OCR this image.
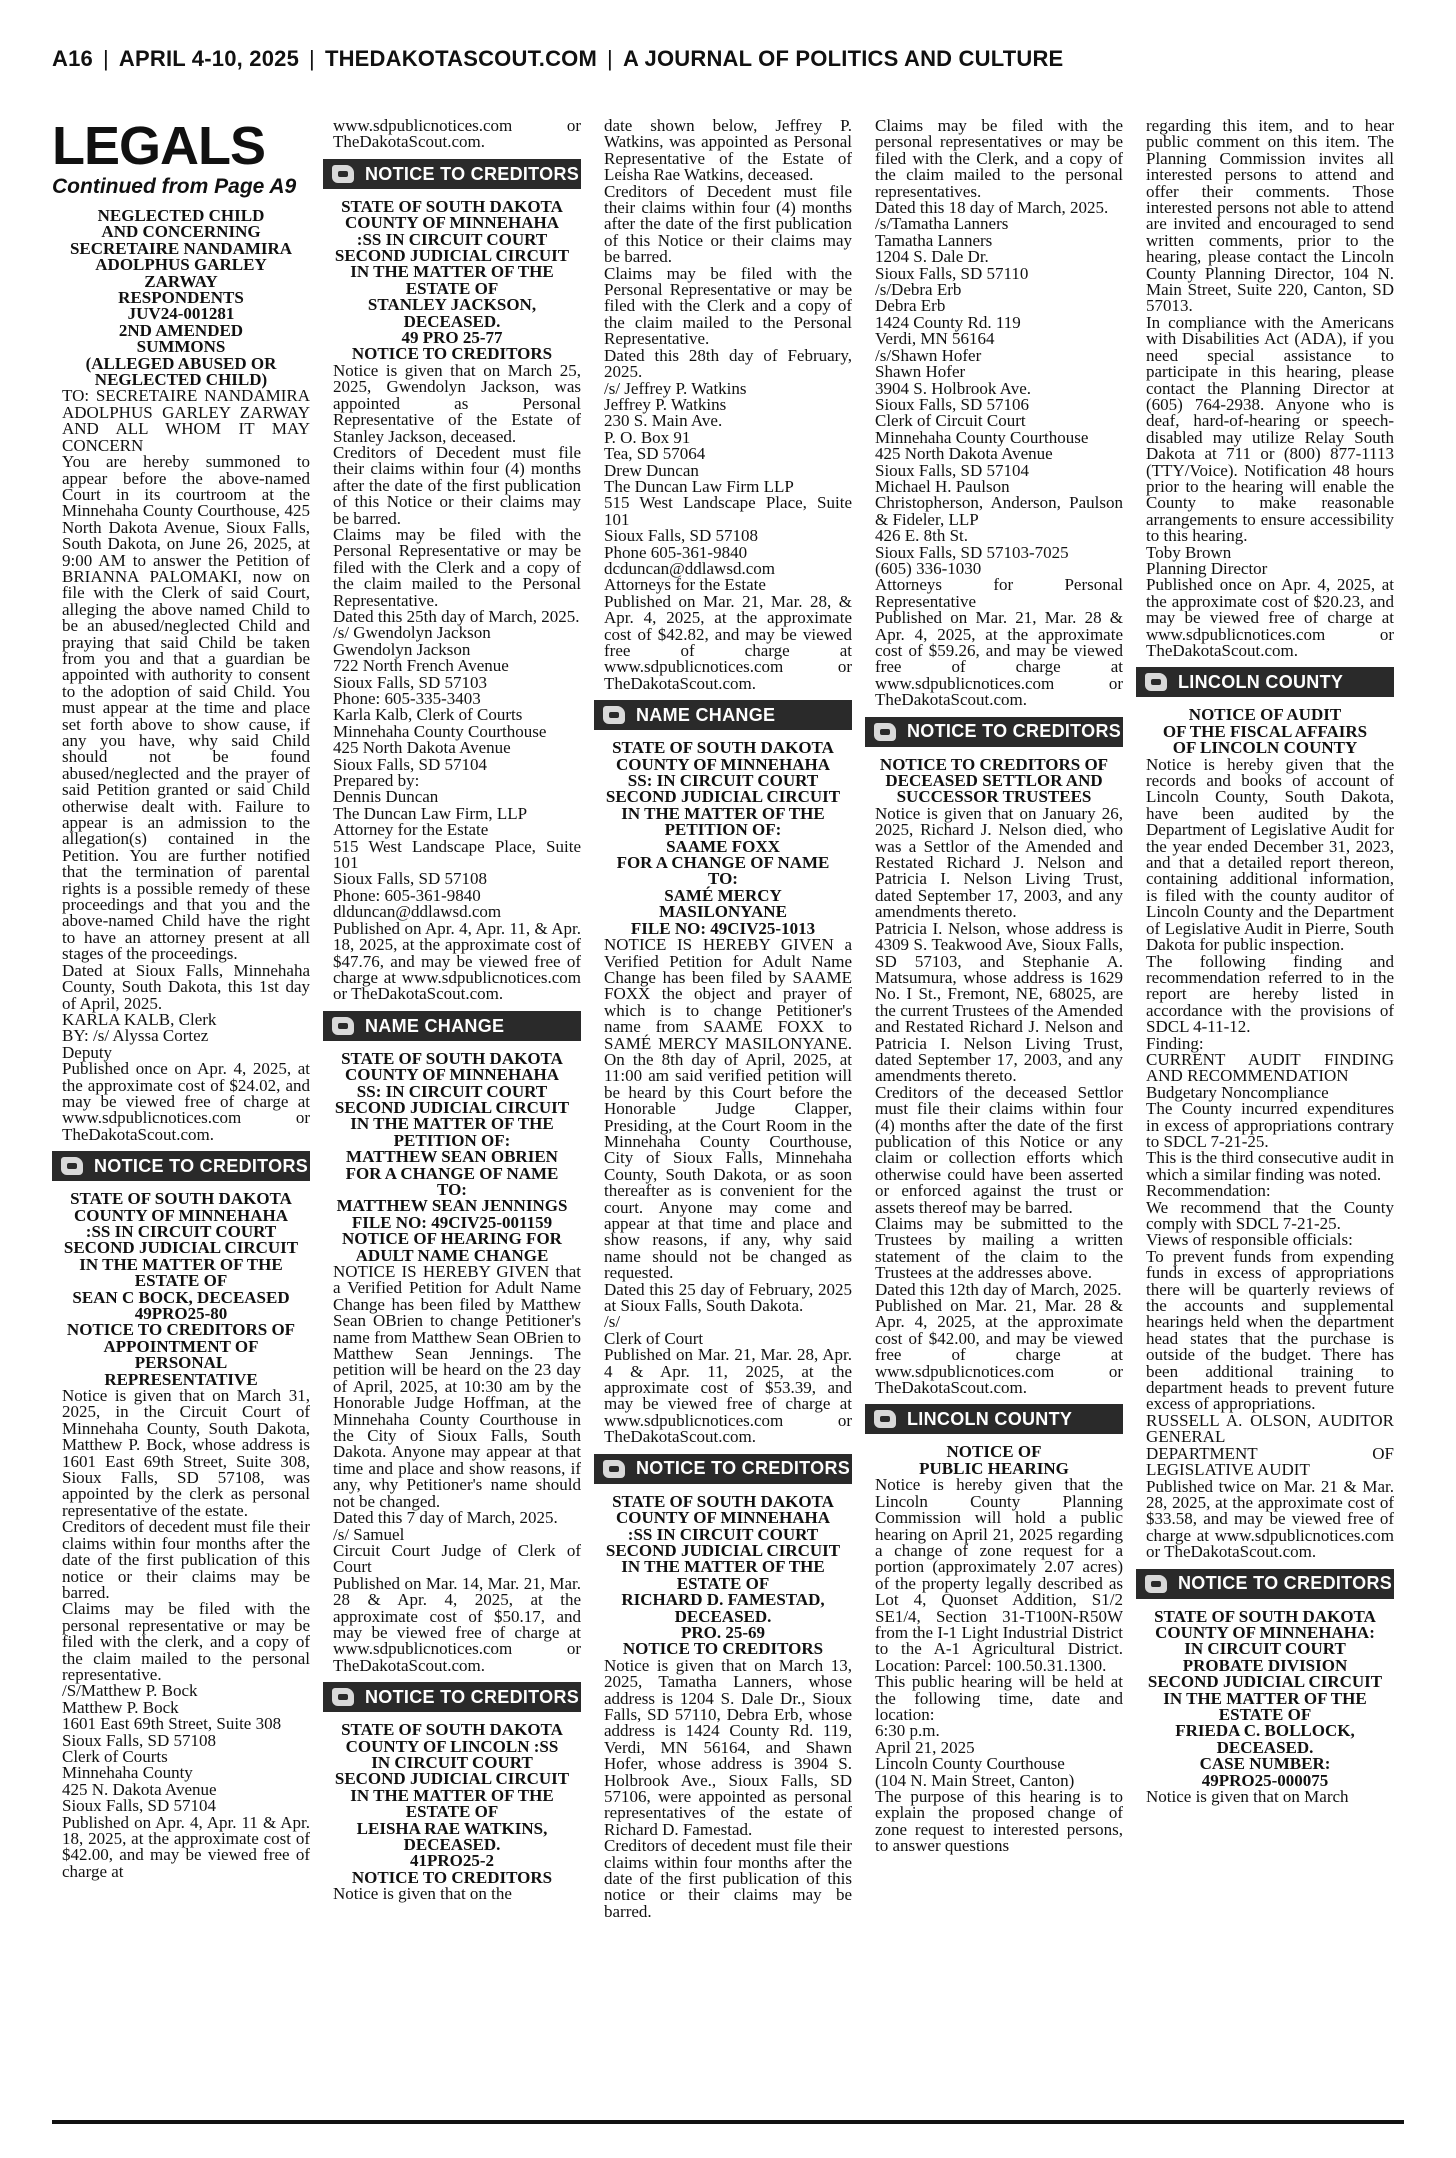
A16 | APRIL 4-10, 2025 | THEDAKOTASCOUT.COM | A JOURNAL OF POLITICS AND CULTURE
LEGALS
Continued from Page A9

NEGLECTED CHILD

AND CONCERNING

SECRETAIRE NANDAMIRA

ADOLPHUS GARLEY

ZARWAY

RESPONDENTS

JUV24-001281

2ND AMENDED

SUMMONS

(ALLEGED ABUSED OR

NEGLECTED CHILD)

TO: SECRETAIRE NANDAMIRA ADOLPHUS GARLEY ZARWAY AND ALL WHOM IT MAY CONCERN

You are hereby summoned to appear before the above-named Court in its courtroom at the Minnehaha County Courthouse, 425 North Dakota Avenue, Sioux Falls, South Dakota, on June 26, 2025, at 9:00 AM to answer the Petition of BRIANNA PALOMAKI, now on file with the Clerk of said Court, alleging the above named Child to be an abused/neglected Child and praying that said Child be taken from you and that a guardian be appointed with authority to consent to the adoption of said Child. You must appear at the time and place set forth above to show cause, if any you have, why said Child should not be found abused/neglected and the prayer of said Petition granted or said Child otherwise dealt with. Failure to appear is an admission to the allegation(s) contained in the Petition. You are further notified that the termination of parental rights is a possible remedy of these proceedings and that you and the above-named Child have the right to have an attorney present at all stages of the proceedings.

Dated at Sioux Falls, Minnehaha County, South Dakota, this 1st day of April, 2025.

KARLA KALB, Clerk

BY: /s/ Alyssa Cortez

Deputy

Published once on Apr. 4, 2025, at the approximate cost of $24.02, and may be viewed free of charge at www.sdpublicnotices.com or TheDakotaScout.com.

NOTICE TO CREDITORS

STATE OF SOUTH DAKOTA

COUNTY OF MINNEHAHA

:SS IN CIRCUIT COURT

SECOND JUDICIAL CIRCUIT

IN THE MATTER OF THE

ESTATE OF

SEAN C BOCK, DECEASED

49PRO25-80

NOTICE TO CREDITORS OF

APPOINTMENT OF

PERSONAL

REPRESENTATIVE

Notice is given that on March 31, 2025, in the Circuit Court of Minnehaha County, South Dakota, Matthew P. Bock, whose address is 1601 East 69th Street, Suite 308, Sioux Falls, SD 57108, was appointed by the clerk as personal representative of the estate.

Creditors of decedent must file their claims within four months after the date of the first publication of this notice or their claims may be barred.

Claims may be filed with the personal representative or may be filed with the clerk, and a copy of the claim mailed to the personal representative.

/S/Matthew P. Bock

Matthew P. Bock

1601 East 69th Street, Suite 308

Sioux Falls, SD 57108

Clerk of Courts

Minnehaha County

425 N. Dakota Avenue

Sioux Falls, SD 57104

Published on Apr. 4, Apr. 11 & Apr. 18, 2025, at the approximate cost of $42.00, and may be viewed free of charge at

www.sdpublicnotices.com or TheDakotaScout.com.

NOTICE TO CREDITORS

STATE OF SOUTH DAKOTA

COUNTY OF MINNEHAHA

:SS IN CIRCUIT COURT

SECOND JUDICIAL CIRCUIT

IN THE MATTER OF THE

ESTATE OF

STANLEY JACKSON,

DECEASED.

49 PRO 25-77

NOTICE TO CREDITORS

Notice is given that on March 25, 2025, Gwendolyn Jackson, was appointed as Personal Representative of the Estate of Stanley Jackson, deceased.

Creditors of Decedent must file their claims within four (4) months after the date of the first publication of this Notice or their claims may be barred.

Claims may be filed with the Personal Representative or may be filed with the Clerk and a copy of the claim mailed to the Personal Representative.

Dated this 25th day of March, 2025.

/s/ Gwendolyn Jackson

Gwendolyn Jackson

722 North French Avenue

Sioux Falls, SD 57103

Phone: 605-335-3403

Karla Kalb, Clerk of Courts

Minnehaha County Courthouse

425 North Dakota Avenue

Sioux Falls, SD 57104

Prepared by:

Dennis Duncan

The Duncan Law Firm, LLP

Attorney for the Estate

515 West Landscape Place, Suite 101

Sioux Falls, SD 57108

Phone: 605-361-9840

dlduncan@ddlawsd.com

Published on Apr. 4, Apr. 11, & Apr. 18, 2025, at the approximate cost of $47.76, and may be viewed free of charge at www.sdpublicnotices.com or TheDakotaScout.com.

NAME CHANGE

STATE OF SOUTH DAKOTA

COUNTY OF MINNEHAHA

SS: IN CIRCUIT COURT

SECOND JUDICIAL CIRCUIT

IN THE MATTER OF THE

PETITION OF:

MATTHEW SEAN OBRIEN

FOR A CHANGE OF NAME

TO:

MATTHEW SEAN JENNINGS

FILE NO: 49CIV25-001159

NOTICE OF HEARING FOR

ADULT NAME CHANGE

NOTICE IS HEREBY GIVEN that a Verified Petition for Adult Name Change has been filed by Matthew Sean OBrien to change Petitioner's name from Matthew Sean OBrien to Matthew Sean Jennings. The petition will be heard on the 23 day of April, 2025, at 10:30 am by the Honorable Judge Hoffman, at the Minnehaha County Courthouse in the City of Sioux Falls, South Dakota. Anyone may appear at that time and place and show reasons, if any, why Petitioner's name should not be changed.

Dated this 7 day of March, 2025.

/s/ Samuel

Circuit Court Judge of Clerk of Court

Published on Mar. 14, Mar. 21, Mar. 28 & Apr. 4, 2025, at the approximate cost of $50.17, and may be viewed free of charge at www.sdpublicnotices.com or TheDakotaScout.com.

NOTICE TO CREDITORS

STATE OF SOUTH DAKOTA

COUNTY OF LINCOLN :SS

IN CIRCUIT COURT

SECOND JUDICIAL CIRCUIT

IN THE MATTER OF THE

ESTATE OF

LEISHA RAE WATKINS,

DECEASED.

41PRO25-2

NOTICE TO CREDITORS

Notice is given that on the

date shown below, Jeffrey P. Watkins, was appointed as Personal Representative of the Estate of Leisha Rae Watkins, deceased.

Creditors of Decedent must file their claims within four (4) months after the date of the first publication of this Notice or their claims may be barred.

Claims may be filed with the Personal Representative or may be filed with the Clerk and a copy of the claim mailed to the Personal Representative.

Dated this 28th day of February, 2025.

/s/ Jeffrey P. Watkins

Jeffrey P. Watkins

230 S. Main Ave.

P. O. Box 91

Tea, SD 57064

Drew Duncan

The Duncan Law Firm LLP

515 West Landscape Place, Suite 101

Sioux Falls, SD 57108

Phone 605-361-9840

dcduncan@ddlawsd.com

Attorneys for the Estate

Published on Mar. 21, Mar. 28, & Apr. 4, 2025, at the approximate cost of $42.82, and may be viewed free of charge at www.sdpublicnotices.com or TheDakotaScout.com.

NAME CHANGE

STATE OF SOUTH DAKOTA

COUNTY OF MINNEHAHA

SS: IN CIRCUIT COURT

SECOND JUDICIAL CIRCUIT

IN THE MATTER OF THE

PETITION OF:

SAAME FOXX

FOR A CHANGE OF NAME

TO:

SAMÉ MERCY

MASILONYANE

FILE NO: 49CIV25-1013

NOTICE IS HEREBY GIVEN a Verified Petition for Adult Name Change has been filed by SAAME FOXX the object and prayer of which is to change Petitioner's name from SAAME FOXX to SAMÉ MERCY MASILONYANE. On the 8th day of April, 2025, at 11:00 am said verified petition will be heard by this Court before the Honorable Judge Clapper, Presiding, at the Court Room in the Minnehaha County Courthouse, City of Sioux Falls, Minnehaha County, South Dakota, or as soon thereafter as is convenient for the court. Anyone may come and appear at that time and place and show reasons, if any, why said name should not be changed as requested.

Dated this 25 day of February, 2025 at Sioux Falls, South Dakota.

/s/

Clerk of Court

Published on Mar. 21, Mar. 28, Apr. 4 & Apr. 11, 2025, at the approximate cost of $53.39, and may be viewed free of charge at www.sdpublicnotices.com or TheDakotaScout.com.

NOTICE TO CREDITORS

STATE OF SOUTH DAKOTA

COUNTY OF MINNEHAHA

:SS IN CIRCUIT COURT

SECOND JUDICIAL CIRCUIT

IN THE MATTER OF THE

ESTATE OF

RICHARD D. FAMESTAD,

DECEASED.

PRO. 25-69

NOTICE TO CREDITORS

Notice is given that on March 13, 2025, Tamatha Lanners, whose address is 1204 S. Dale Dr., Sioux Falls, SD 57110, Debra Erb, whose address is 1424 County Rd. 119, Verdi, MN 56164, and Shawn Hofer, whose address is 3904 S. Holbrook Ave., Sioux Falls, SD 57106, were appointed as personal representatives of the estate of Richard D. Famestad.

Creditors of decedent must file their claims within four months after the date of the first publication of this notice or their claims may be barred.

Claims may be filed with the personal representatives or may be filed with the Clerk, and a copy of the claim mailed to the personal representatives.

Dated this 18 day of March, 2025.

/s/Tamatha Lanners

Tamatha Lanners

1204 S. Dale Dr.

Sioux Falls, SD 57110

/s/Debra Erb

Debra Erb

1424 County Rd. 119

Verdi, MN 56164

/s/Shawn Hofer

Shawn Hofer

3904 S. Holbrook Ave.

Sioux Falls, SD 57106

Clerk of Circuit Court

Minnehaha County Courthouse

425 North Dakota Avenue

Sioux Falls, SD 57104

Michael H. Paulson

Christopherson, Anderson, Paulson & Fideler, LLP

426 E. 8th St.

Sioux Falls, SD 57103-7025

(605) 336-1030

Attorneys for Personal Representative

Published on Mar. 21, Mar. 28 & Apr. 4, 2025, at the approximate cost of $59.26, and may be viewed free of charge at www.sdpublicnotices.com or TheDakotaScout.com.

NOTICE TO CREDITORS

NOTICE TO CREDITORS OF

DECEASED SETTLOR AND

SUCCESSOR TRUSTEES

Notice is given that on January 26, 2025, Richard J. Nelson died, who was a Settlor of the Amended and Restated Richard J. Nelson and Patricia I. Nelson Living Trust, dated September 17, 2003, and any amendments thereto.

Patricia I. Nelson, whose address is 4309 S. Teakwood Ave, Sioux Falls, SD 57103, and Stephanie A. Matsumura, whose address is 1629 No. I St., Fremont, NE, 68025, are the current Trustees of the Amended and Restated Richard J. Nelson and Patricia I. Nelson Living Trust, dated September 17, 2003, and any amendments thereto.

Creditors of the deceased Settlor must file their claims within four (4) months after the date of the first publication of this Notice or any claim or collection efforts which otherwise could have been asserted or enforced against the trust or assets thereof may be barred.

Claims may be submitted to the Trustees by mailing a written statement of the claim to the Trustees at the addresses above.

Dated this 12th day of March, 2025.

Published on Mar. 21, Mar. 28 & Apr. 4, 2025, at the approximate cost of $42.00, and may be viewed free of charge at www.sdpublicnotices.com or TheDakotaScout.com.

LINCOLN COUNTY

NOTICE OF

PUBLIC HEARING

Notice is hereby given that the Lincoln County Planning Commission will hold a public hearing on April 21, 2025 regarding a change of zone request for a portion (approximately 2.07 acres) of the property legally described as Lot 4, Quonset Addition, S1/2 SE1/4, Section 31-T100N-R50W from the I-1 Light Industrial District to the A-1 Agricultural District. Location: Parcel: 100.50.31.1300.

This public hearing will be held at the following time, date and location:

6:30 p.m.

April 21, 2025

Lincoln County Courthouse

(104 N. Main Street, Canton)

The purpose of this hearing is to explain the proposed change of zone request to interested persons, to answer questions

regarding this item, and to hear public comment on this item. The Planning Commission invites all interested persons to attend and offer their comments. Those interested persons not able to attend are invited and encouraged to send written comments, prior to the hearing, please contact the Lincoln County Planning Director, 104 N. Main Street, Suite 220, Canton, SD 57013.

In compliance with the Americans with Disabilities Act (ADA), if you need special assistance to participate in this hearing, please contact the Planning Director at (605) 764-2938. Anyone who is deaf, hard-of-hearing or speech-disabled may utilize Relay South Dakota at 711 or (800) 877-1113 (TTY/Voice). Notification 48 hours prior to the hearing will enable the County to make reasonable arrangements to ensure accessibility to this hearing.

Toby Brown

Planning Director

Published once on Apr. 4, 2025, at the approximate cost of $20.23, and may be viewed free of charge at www.sdpublicnotices.com or TheDakotaScout.com.

LINCOLN COUNTY

NOTICE OF AUDIT

OF THE FISCAL AFFAIRS

OF LINCOLN COUNTY

Notice is hereby given that the records and books of account of Lincoln County, South Dakota, have been audited by the Department of Legislative Audit for the year ended December 31, 2023, and that a detailed report thereon, containing additional information, is filed with the county auditor of Lincoln County and the Department of Legislative Audit in Pierre, South Dakota for public inspection.

The following finding and recommendation referred to in the report are hereby listed in accordance with the provisions of SDCL 4-11-12.

Finding:

CURRENT AUDIT FINDING AND RECOMMENDATION

Budgetary Noncompliance

The County incurred expenditures in excess of appropriations contrary to SDCL 7-21-25.

This is the third consecutive audit in which a similar finding was noted.

Recommendation:

We recommend that the County comply with SDCL 7-21-25.

Views of responsible officials:

To prevent funds from expending funds in excess of appropriations there will be quarterly reviews of the accounts and supplemental hearings held when the department head states that the purchase is outside of the budget. There has been additional training to department heads to prevent future excess of appropriations.

RUSSELL A. OLSON, AUDITOR GENERAL

DEPARTMENT OF LEGISLATIVE AUDIT

Published twice on Mar. 21 & Mar. 28, 2025, at the approximate cost of $33.58, and may be viewed free of charge at www.sdpublicnotices.com or TheDakotaScout.com.

NOTICE TO CREDITORS

STATE OF SOUTH DAKOTA

COUNTY OF MINNEHAHA:

IN CIRCUIT COURT

PROBATE DIVISION

SECOND JUDICIAL CIRCUIT

IN THE MATTER OF THE

ESTATE OF

FRIEDA C. BOLLOCK,

DECEASED.

CASE NUMBER:

49PRO25-000075

Notice is given that on March
